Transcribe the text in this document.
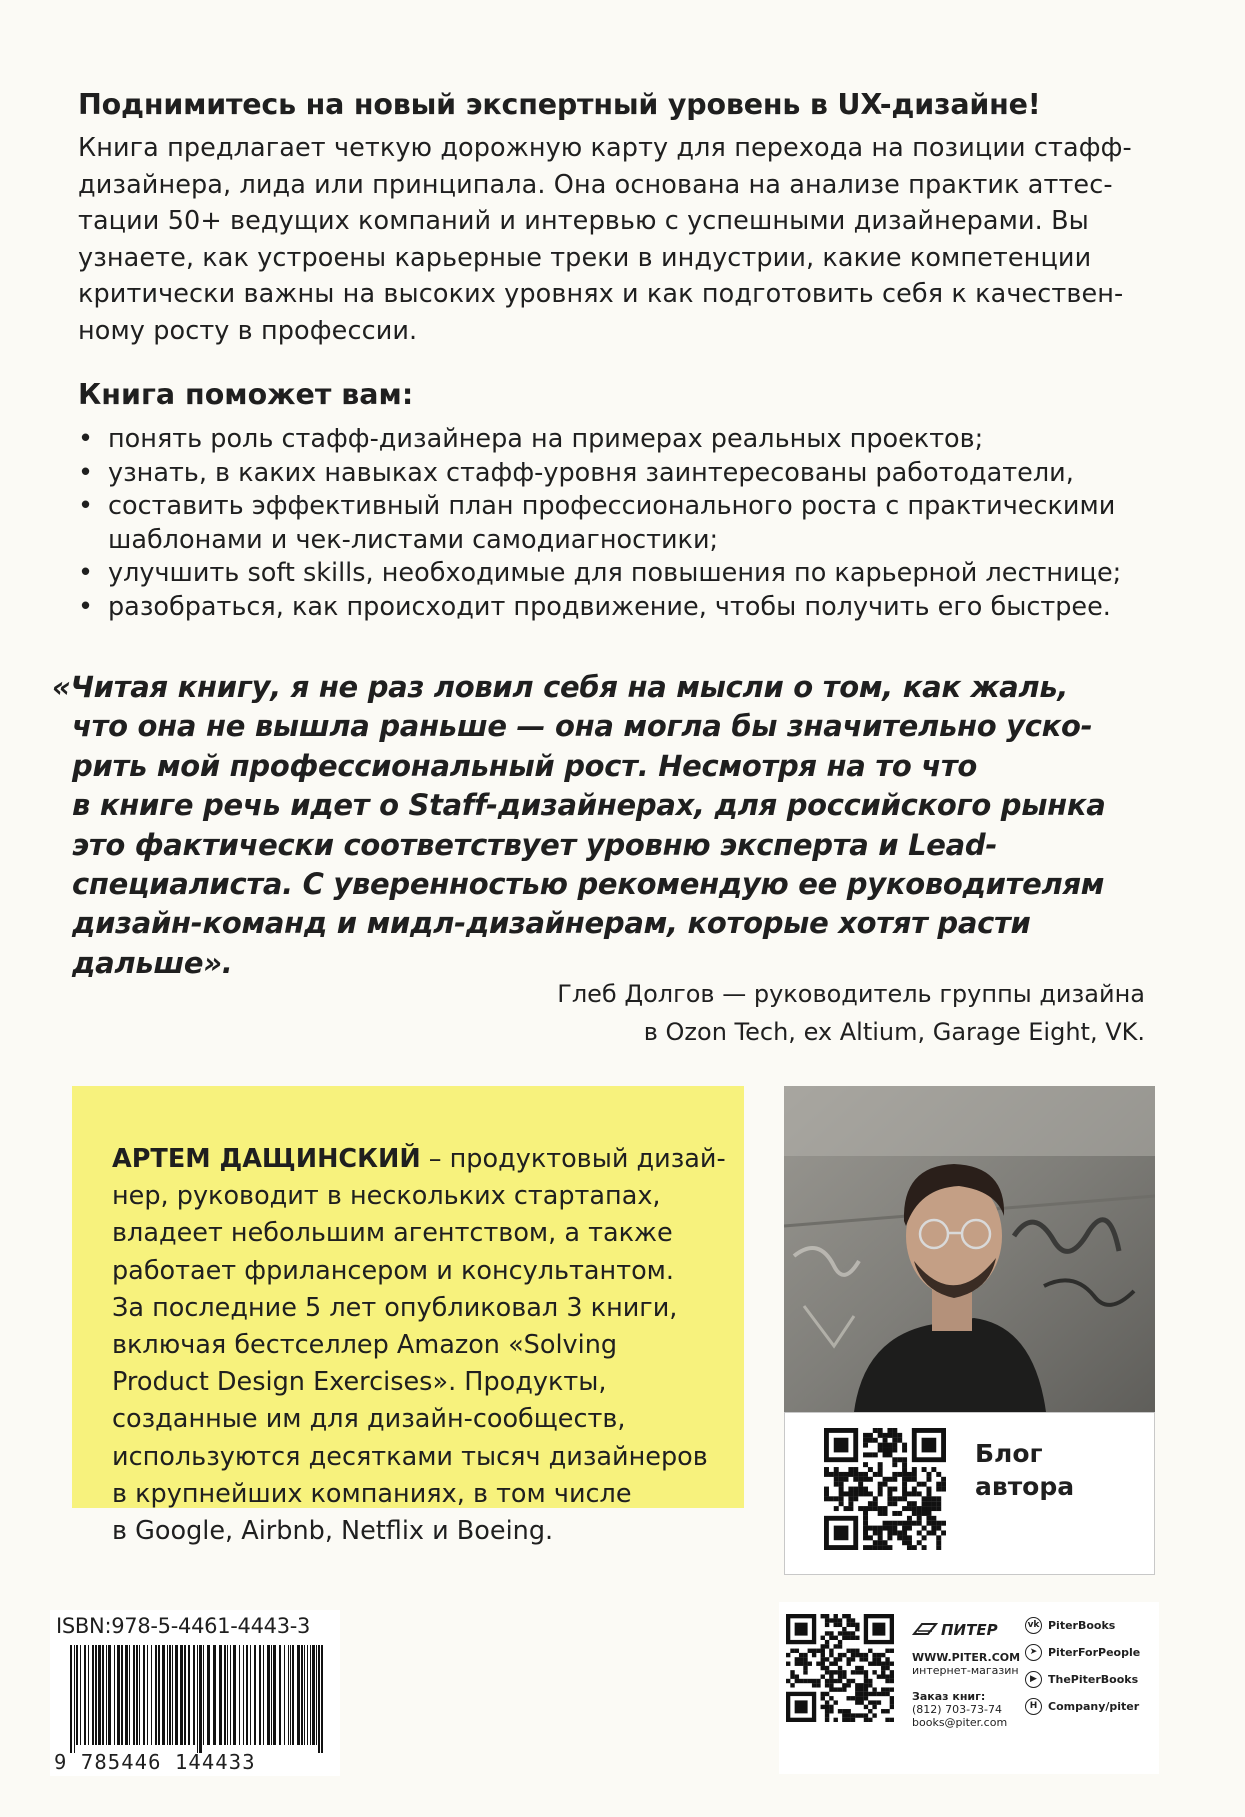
Поднимитесь на новый экспертный уровень в UX-дизайне!
Книга предлагает четкую дорожную карту для перехода на позиции стафф-
дизайнера, лида или принципала. Она основана на анализе практик аттес-
тации 50+ ведущих компаний и интервью с успешными дизайнерами. Вы
узнаете, как устроены карьерные треки в индустрии, какие компетенции
критически важны на высоких уровнях и как подготовить себя к качествен-
ному росту в профессии.
Книга поможет вам:
• понять роль стафф-дизайнера на примерах реальных проектов;
• узнать, в каких навыках стафф-уровня заинтересованы работодатели,
• составить эффективный план профессионального роста с практическими
шаблонами и чек-листами самодиагностики;
• улучшить soft skills, необходимые для повышения по карьерной лестнице;
• разобраться, как происходит продвижение, чтобы получить его быстрее.
«Читая книгу, я не раз ловил себя на мысли о том, как жаль,
что она не вышла раньше — она могла бы значительно уско-
рить мой профессиональный рост. Несмотря на то что
в книге речь идет о Staff-дизайнерах, для российского рынка
это фактически соответствует уровню эксперта и Lead-
специалиста. С уверенностью рекомендую ее руководителям
дизайн-команд и мидл-дизайнерам, которые хотят расти
дальше».
Глеб Долгов — руководитель группы дизайна
в Ozon Tech, ex Altium, Garage Eight, VK.
АРТЕМ ДАЩИНСКИЙ – продуктовый дизай-
нер, руководит в нескольких стартапах,
владеет небольшим агентством, а также
работает фрилансером и консультантом.
За последние 5 лет опубликовал 3 книги,
включая бестселлер Amazon «Solving
Product Design Exercises». Продукты,
созданные им для дизайн-сообществ,
используются десятками тысяч дизайнеров
в крупнейших компаниях, в том числе
в Google, Airbnb, Netflix и Boeing.
Блог
автора
ISBN:978-5-4461-4443-3
9 785446 144433
ПИТЕР
WWW.PITER.COM
интернет-магазин
Заказ книг:
(812) 703-73-74
books@piter.com
vk PiterBooks
➤ PiterForPeople
▶ ThePiterBooks
H Company/piter
